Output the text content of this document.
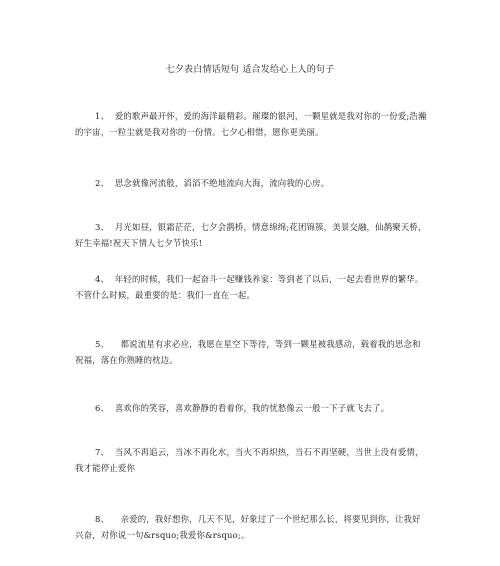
七夕表白情话短句 适合发给心上人的句子
1、 爱的歌声最开怀，爱的海洋最精彩。璀璨的银河，一颗星就是我对你的一份爱;浩瀚的宇宙，一粒尘就是我对你的一份情。七夕心相惜，愿你更美丽。
2、 思念就像河流般，滔滔不绝地流向大海，流向我的心房。
3、 月光如昼，银霜茫茫，七夕会鹊桥，情意绵绵;花团锦簇，美景交融，仙鹊聚天桥，好生幸福!祝天下情人七夕节快乐!
4、 年轻的时候，我们一起奋斗一起赚钱养家：等到老了以后，一起去看世界的繁华。不管什么时候，最重要的是：我们一直在一起。
5、 都说流星有求必应，我愿在星空下等待，等到一颗星被我感动，载着我的思念和祝福，落在你熟睡的枕边。
6、 喜欢你的笑容，喜欢静静的看着你，我的忧愁像云一般一下子就飞去了。
7、 当风不再追云，当冰不再化水，当火不再炽热，当石不再坚硬，当世上没有爱情，我才能停止爱你
8、 亲爱的，我好想你，几天不见，好象过了一个世纪那么长，将要见到你，让我好兴奋，对你说一句&rsquo;我爱你&rsquo;。
